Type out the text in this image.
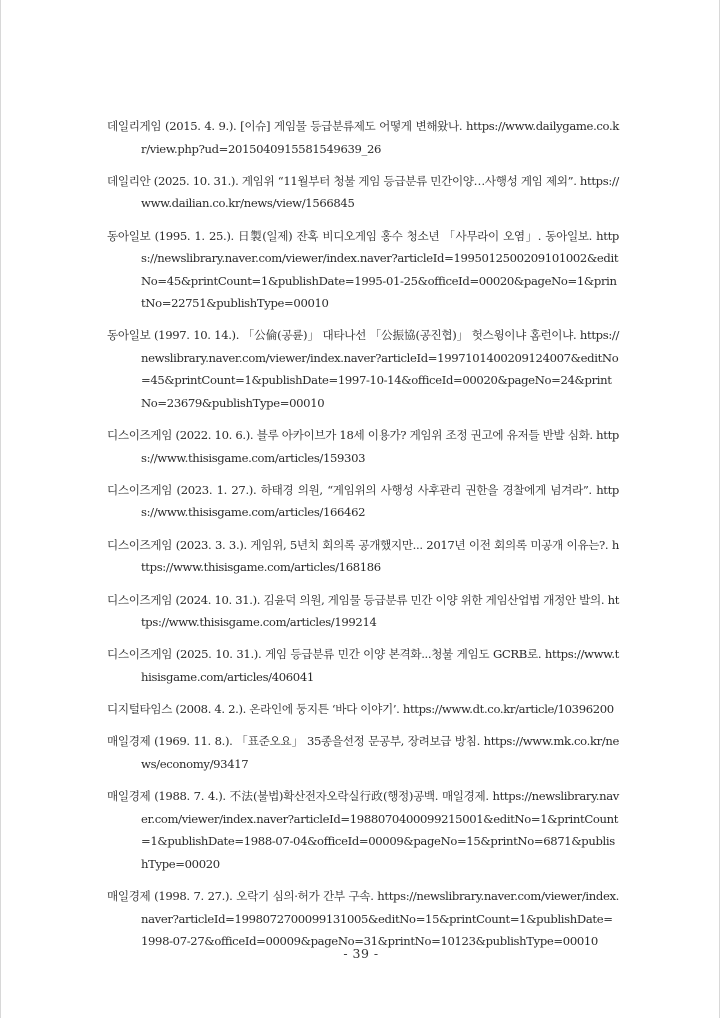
데일리게임 (2015. 4. 9.). [이슈] 게임물 등급분류제도 어떻게 변해왔나. https://www.dailygame.co.kr/view.php?ud=2015040915581549639_26
데일리안 (2025. 10. 31.). 게임위 “11월부터 청불 게임 등급분류 민간이양…사행성 게임 제외”. https://www.dailian.co.kr/news/view/1566845
동아일보 (1995. 1. 25.). 日製(일제) 잔혹 비디오게임 홍수 청소년 「사무라이 오염」. 동아일보. https://newslibrary.naver.com/viewer/index.naver?articleId=1995012500209101002&editNo=45&printCount=1&publishDate=1995-01-25&officeId=00020&pageNo=1&printNo=22751&publishType=00010
동아일보 (1997. 10. 14.). 「公倫(공륜)」 대타나선 「公振協(공진협)」 헛스윙이냐 홈런이냐. https://newslibrary.naver.com/viewer/index.naver?articleId=1997101400209124007&editNo=45&printCount=1&publishDate=1997-10-14&officeId=00020&pageNo=24&printNo=23679&publishType=00010
디스이즈게임 (2022. 10. 6.). 블루 아카이브가 18세 이용가? 게임위 조정 권고에 유저들 반발 심화. https://www.thisisgame.com/articles/159303
디스이즈게임 (2023. 1. 27.). 하태경 의원, “게임위의 사행성 사후관리 권한을 경찰에게 넘겨라”. https://www.thisisgame.com/articles/166462
디스이즈게임 (2023. 3. 3.). 게임위, 5년치 회의록 공개했지만... 2017년 이전 회의록 미공개 이유는?. https://www.thisisgame.com/articles/168186
디스이즈게임 (2024. 10. 31.). 김윤덕 의원, 게임물 등급분류 민간 이양 위한 게임산업법 개정안 발의. https://www.thisisgame.com/articles/199214
디스이즈게임 (2025. 10. 31.). 게임 등급분류 민간 이양 본격화...청불 게임도 GCRB로. https://www.thisisgame.com/articles/406041
디지털타임스 (2008. 4. 2.). 온라인에 둥지튼 ‘바다 이야기’. https://www.dt.co.kr/article/10396200
매일경제 (1969. 11. 8.). 「표준오요」 35종을선정 문공부, 장려보급 방침. https://www.mk.co.kr/news/economy/93417
매일경제 (1988. 7. 4.). 不法(불법)확산전자오락실行政(행정)공백. 매일경제. https://newslibrary.naver.com/viewer/index.naver?articleId=1988070400099215001&editNo=1&printCount=1&publishDate=1988-07-04&officeId=00009&pageNo=15&printNo=6871&publishType=00020
매일경제 (1998. 7. 27.). 오락기 심의·허가 간부 구속. https://newslibrary.naver.com/viewer/index.naver?articleId=1998072700099131005&editNo=15&printCount=1&publishDate=1998-07-27&officeId=00009&pageNo=31&printNo=10123&publishType=00010
- 39 -
